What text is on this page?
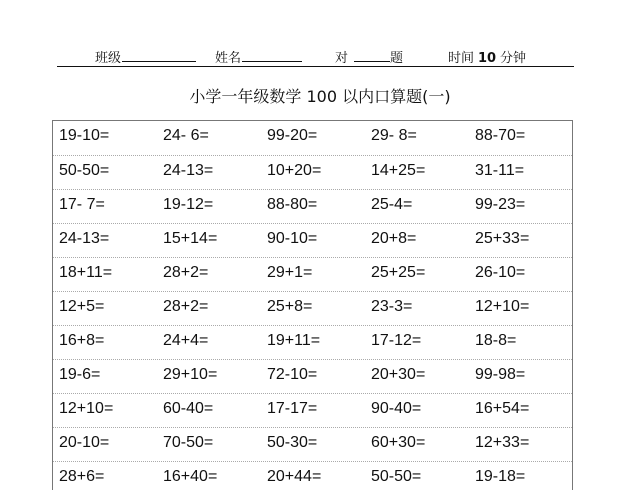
班级	姓名	对	题	时间 10 分钟
小学一年级数学 100 以内口算题(一)
19-10=	24- 6=	99-20=	29- 8=	88-70=
50-50=	24-13=	10+20=	14+25=	31-11=
17- 7=	19-12=	88-80=	25-4=	99-23=
24-13=	15+14=	90-10=	20+8=	25+33=
18+11=	28+2=	29+1=	25+25=	26-10=
12+5=	28+2=	25+8=	23-3=	12+10=
16+8=	24+4=	19+11=	17-12=	18-8=
19-6=	29+10=	72-10=	20+30=	99-98=
12+10=	60-40=	17-17=	90-40=	16+54=
20-10=	70-50=	50-30=	60+30=	12+33=
28+6=	16+40=	20+44=	50-50=	19-18=
